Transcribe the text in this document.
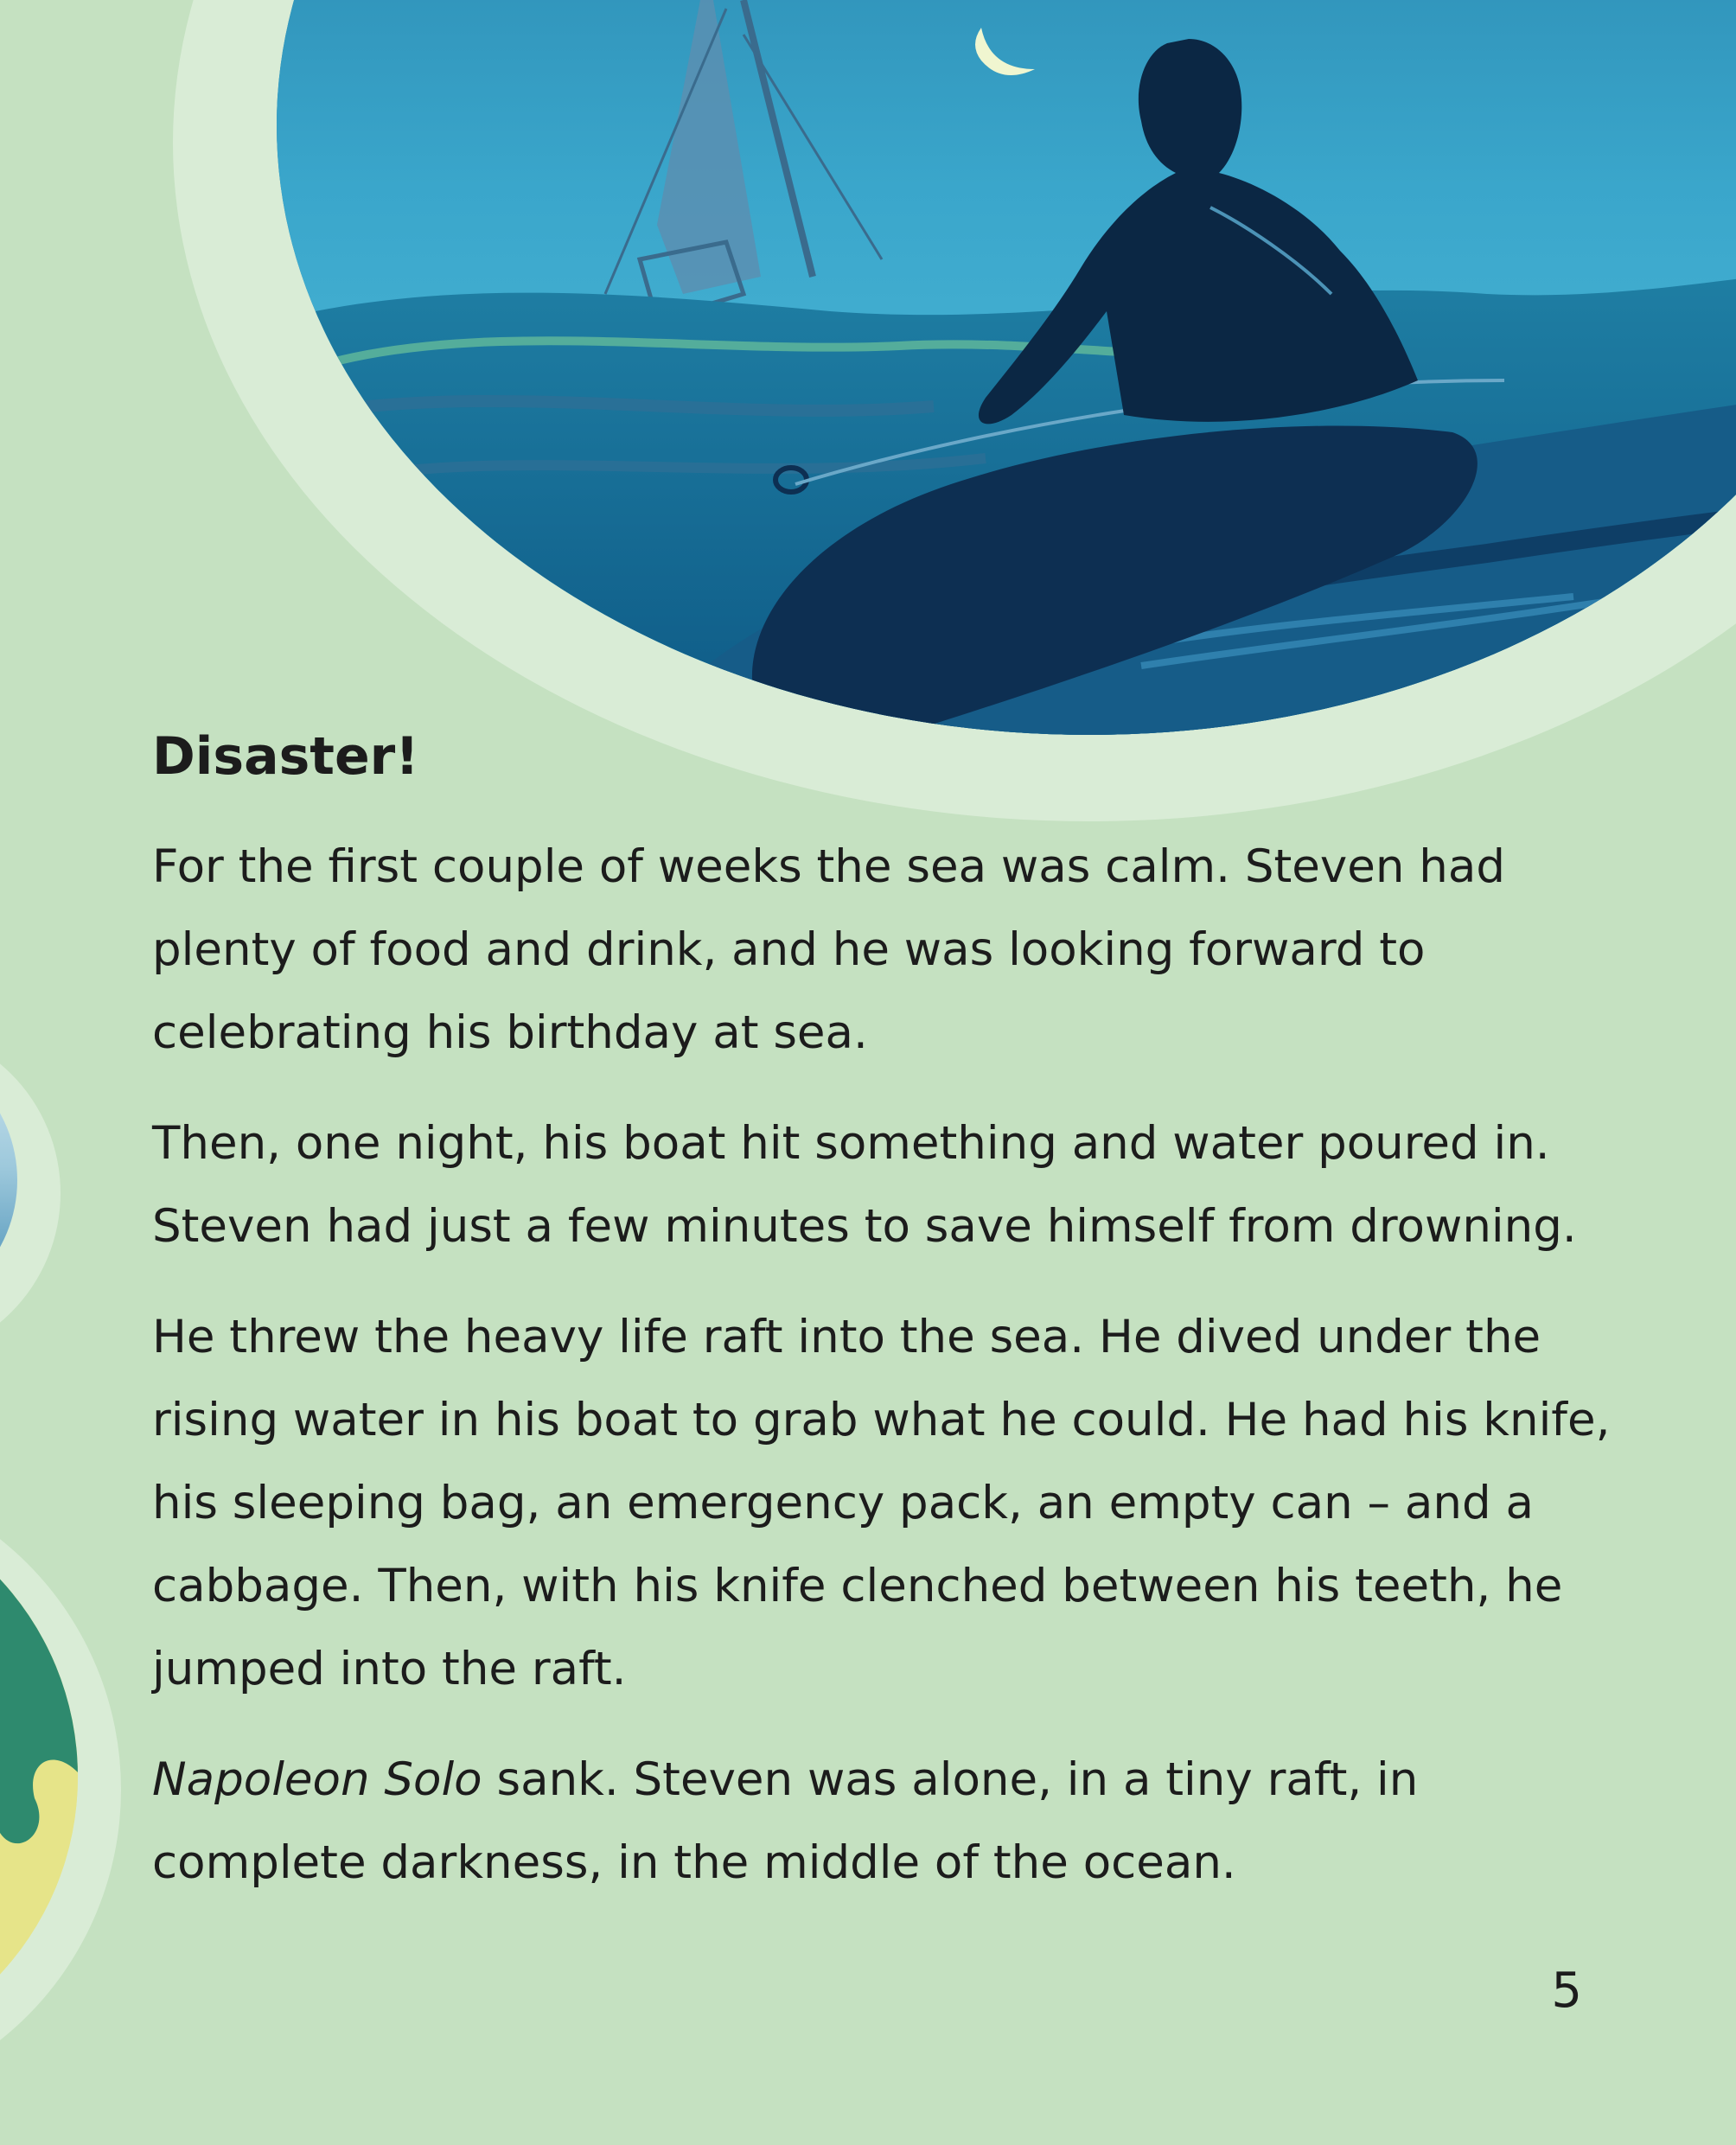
Disaster!

For the first couple of weeks the sea was calm. Steven had plenty of food and drink, and he was looking forward to celebrating his birthday at sea.

Then, one night, his boat hit something and water poured in. Steven had just a few minutes to save himself from drowning.

He threw the heavy life raft into the sea. He dived under the rising water in his boat to grab what he could. He had his knife, his sleeping bag, an emergency pack, an empty can – and a cabbage. Then, with his knife clenched between his teeth, he jumped into the raft.

Napoleon Solo sank. Steven was alone, in a tiny raft, in complete darkness, in the middle of the ocean.

5
